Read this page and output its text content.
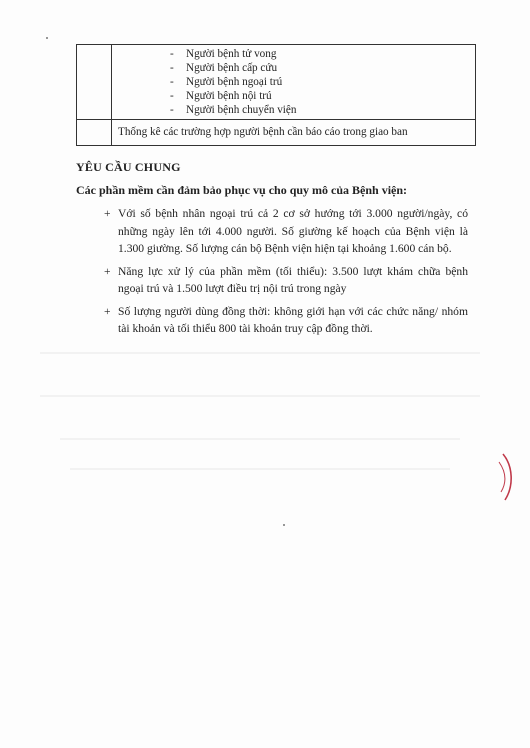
	- Người bệnh tử vong
- Người bệnh cấp cứu
- Người bệnh ngoại trú
- Người bệnh nội trú
- Người bệnh chuyển viện

	Thống kê các trường hợp người bệnh cần báo cáo trong giao ban
YÊU CẦU CHUNG
Các phần mềm cần đảm bảo phục vụ cho quy mô của Bệnh viện:
+ Với số bệnh nhân ngoại trú cả 2 cơ sở hướng tới 3.000 người/ngày, có những ngày lên tới 4.000 người. Số giường kế hoạch của Bệnh viện là 1.300 giường. Số lượng cán bộ Bệnh viện hiện tại khoảng 1.600 cán bộ.
+ Năng lực xử lý của phần mềm (tối thiểu): 3.500 lượt khám chữa bệnh ngoại trú và 1.500 lượt điều trị nội trú trong ngày
+ Số lượng người dùng đồng thời: không giới hạn với các chức năng/ nhóm tài khoản và tối thiểu 800 tài khoản truy cập đồng thời.
